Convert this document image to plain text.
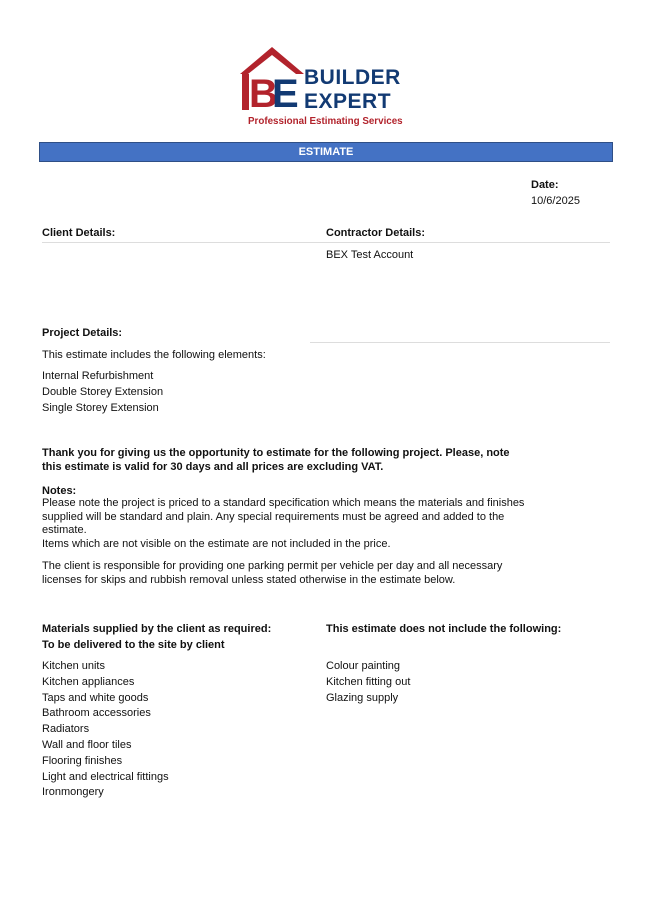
B
E BUILDER
EXPERT
Professional Estimating Services
ESTIMATE
Date:
10/6/2025
Client Details:	Contractor Details:
BEX Test Account
Project Details:
This estimate includes the following elements:
Internal Refurbishment
Double Storey Extension
Single Storey Extension
Thank you for giving us the opportunity to estimate for the following project. Please, note
this estimate is valid for 30 days and all prices are excluding VAT.
Notes:
Please note the project is priced to a standard specification which means the materials and finishes
supplied will be standard and plain. Any special requirements must be agreed and added to the
estimate.
Items which are not visible on the estimate are not included in the price.
The client is responsible for providing one parking permit per vehicle per day and all necessary
licenses for skips and rubbish removal unless stated otherwise in the estimate below.
Materials supplied by the client as required:
To be delivered to the site by client
Kitchen units
Kitchen appliances
Taps and white goods
Bathroom accessories
Radiators
Wall and floor tiles
Flooring finishes
Light and electrical fittings
Ironmongery
This estimate does not include the following:
Colour painting
Kitchen fitting out
Glazing supply
